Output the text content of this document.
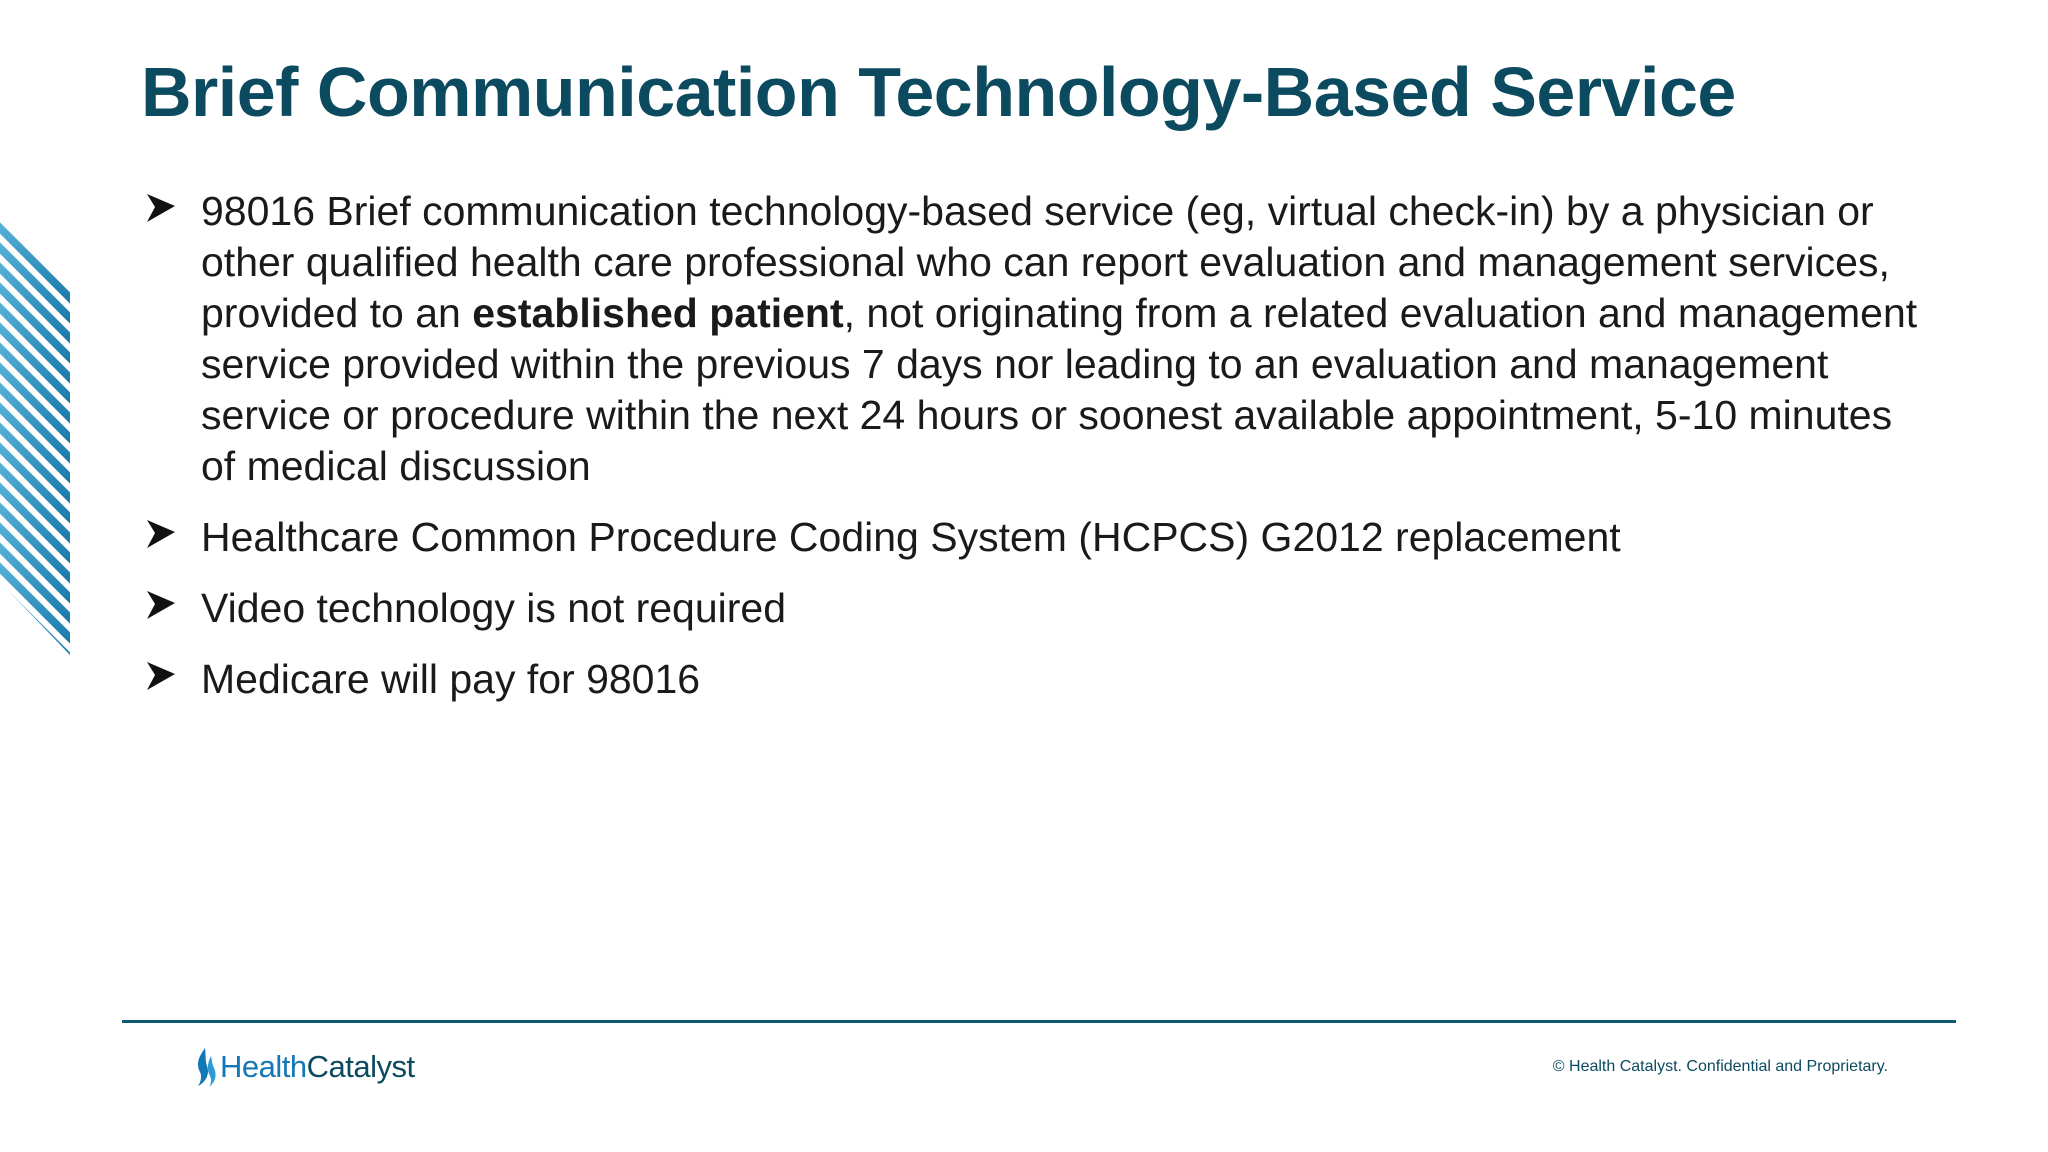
Brief Communication Technology-Based Service
98016 Brief communication technology-based service (eg, virtual check-in) by a physician or other qualified health care professional who can report evaluation and management services, provided to an established patient, not originating from a related evaluation and management service provided within the previous 7 days nor leading to an evaluation and management service or procedure within the next 24 hours or soonest available appointment, 5-10 minutes of medical discussion
Healthcare Common Procedure Coding System (HCPCS) G2012 replacement
Video technology is not required
Medicare will pay for 98016
Health Catalyst	© Health Catalyst. Confidential and Proprietary.
